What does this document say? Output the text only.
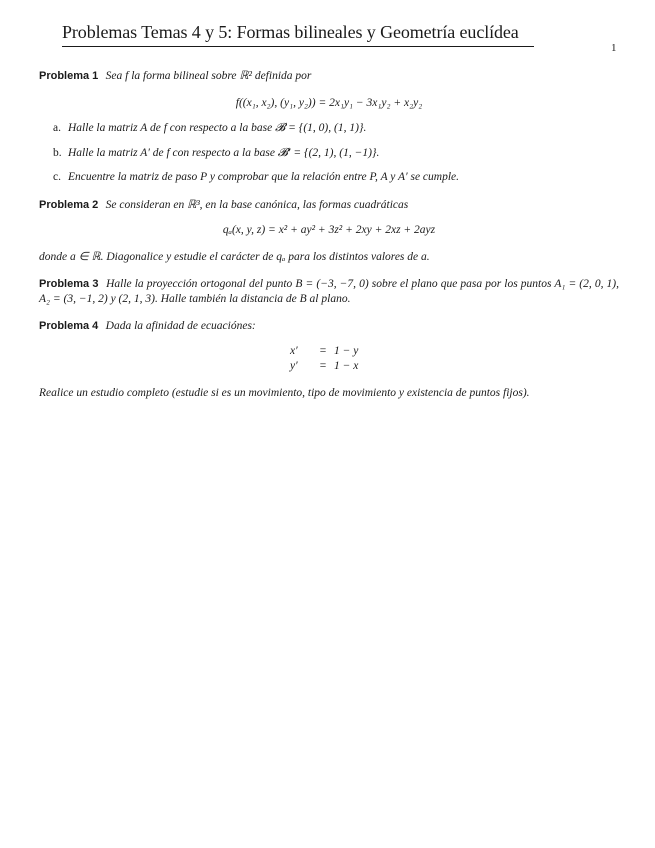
Problemas Temas 4 y 5: Formas bilineales y Geometría euclídea
1
Problema 1 Sea f la forma bilineal sobre ℝ² definida por
f((x₁, x₂), (y₁, y₂)) = 2x₁y₁ − 3x₁y₂ + x₂y₂
a. Halle la matriz A de f con respecto a la base 𝓑 = {(1, 0), (1, 1)}.
b. Halle la matriz A′ de f con respecto a la base 𝓑′ = {(2, 1), (1, −1)}.
c. Encuentre la matriz de paso P y comprobar que la relación entre P, A y A′ se cumple.
Problema 2 Se consideran en ℝ³, en la base canónica, las formas cuadráticas
qₐ(x, y, z) = x² + ay² + 3z² + 2xy + 2xz + 2ayz
donde a ∈ ℝ. Diagonalice y estudie el carácter de qₐ para los distintos valores de a.
Problema 3 Halle la proyección ortogonal del punto B = (−3, −7, 0) sobre el plano que pasa por los puntos A₁ = (2, 0, 1), A₂ = (3, −1, 2) y (2, 1, 3). Halle también la distancia de B al plano.
Problema 4 Dada la afinidad de ecuaciónes:
x′ = 1 − y
y′ = 1 − x
Realice un estudio completo (estudie si es un movimiento, tipo de movimiento y existencia de puntos fijos).
